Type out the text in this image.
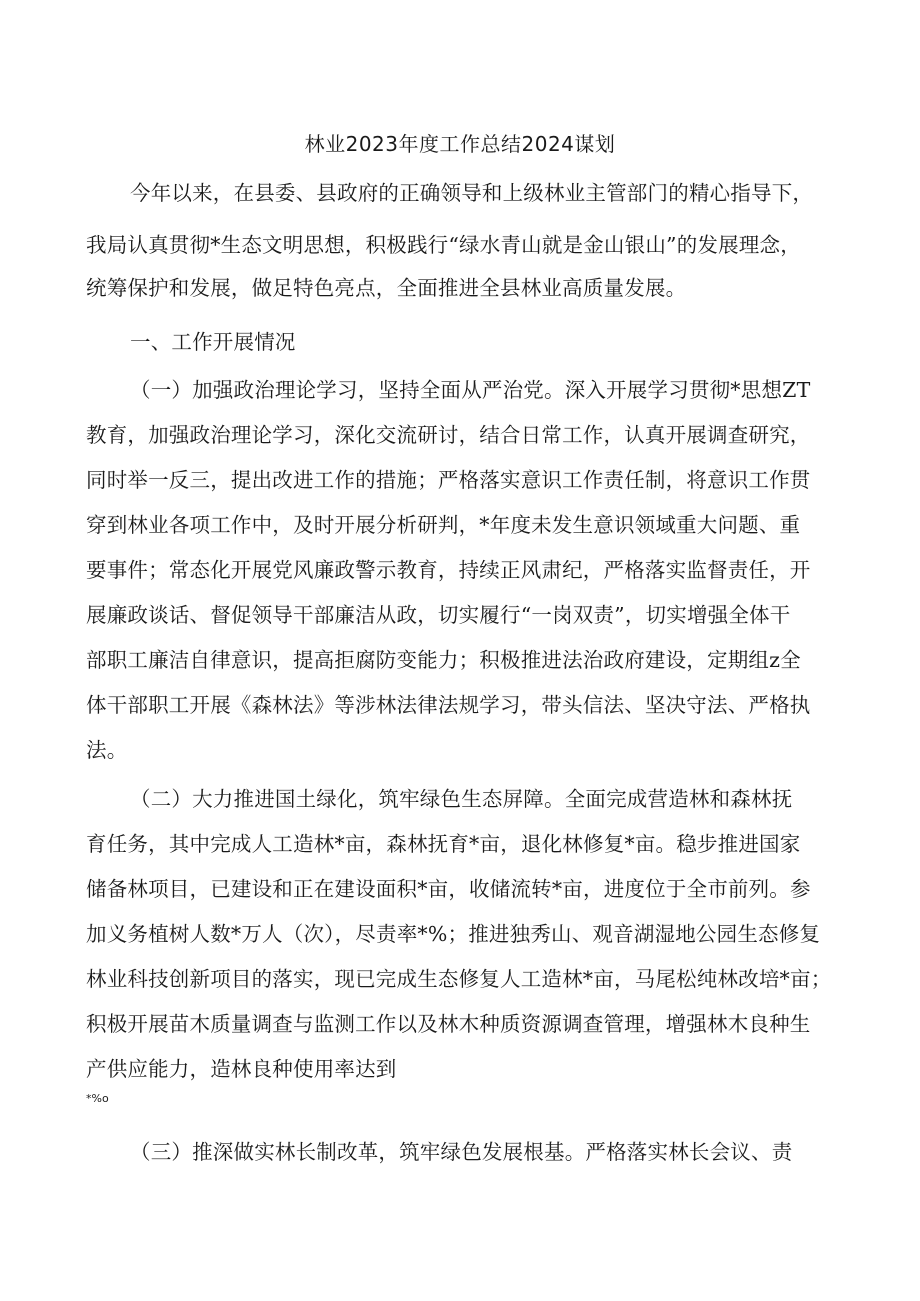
林业2023年度工作总结2024谋划
今年以来，在县委、县政府的正确领导和上级林业主管部门的精心指导下，
我局认真贯彻*生态文明思想，积极践行“绿水青山就是金山银山”的发展理念，
统筹保护和发展，做足特色亮点，全面推进全县林业高质量发展。
一、工作开展情况
（一）加强政治理论学习，坚持全面从严治党。深入开展学习贯彻*思想ZT
教育，加强政治理论学习，深化交流研讨，结合日常工作，认真开展调查研究，
同时举一反三，提出改进工作的措施；严格落实意识工作责任制，将意识工作贯
穿到林业各项工作中，及时开展分析研判，*年度未发生意识领域重大问题、重
要事件；常态化开展党风廉政警示教育，持续正风肃纪，严格落实监督责任，开
展廉政谈话、督促领导干部廉洁从政，切实履行“一岗双责”，切实增强全体干
部职工廉洁自律意识，提高拒腐防变能力；积极推进法治政府建设，定期组z全
体干部职工开展《森林法》等涉林法律法规学习，带头信法、坚决守法、严格执
法。
（二）大力推进国土绿化，筑牢绿色生态屏障。全面完成营造林和森林抚
育任务，其中完成人工造林*亩，森林抚育*亩，退化林修复*亩。稳步推进国家
储备林项目，已建设和正在建设面积*亩，收储流转*亩，进度位于全市前列。参
加义务植树人数*万人（次），尽责率*%；推进独秀山、观音湖湿地公园生态修复
林业科技创新项目的落实，现已完成生态修复人工造林*亩，马尾松纯林改培*亩；
积极开展苗木质量调查与监测工作以及林木种质资源调查管理，增强林木良种生
产供应能力，造林良种使用率达到
*%o
（三）推深做实林长制改革，筑牢绿色发展根基。严格落实林长会议、责
